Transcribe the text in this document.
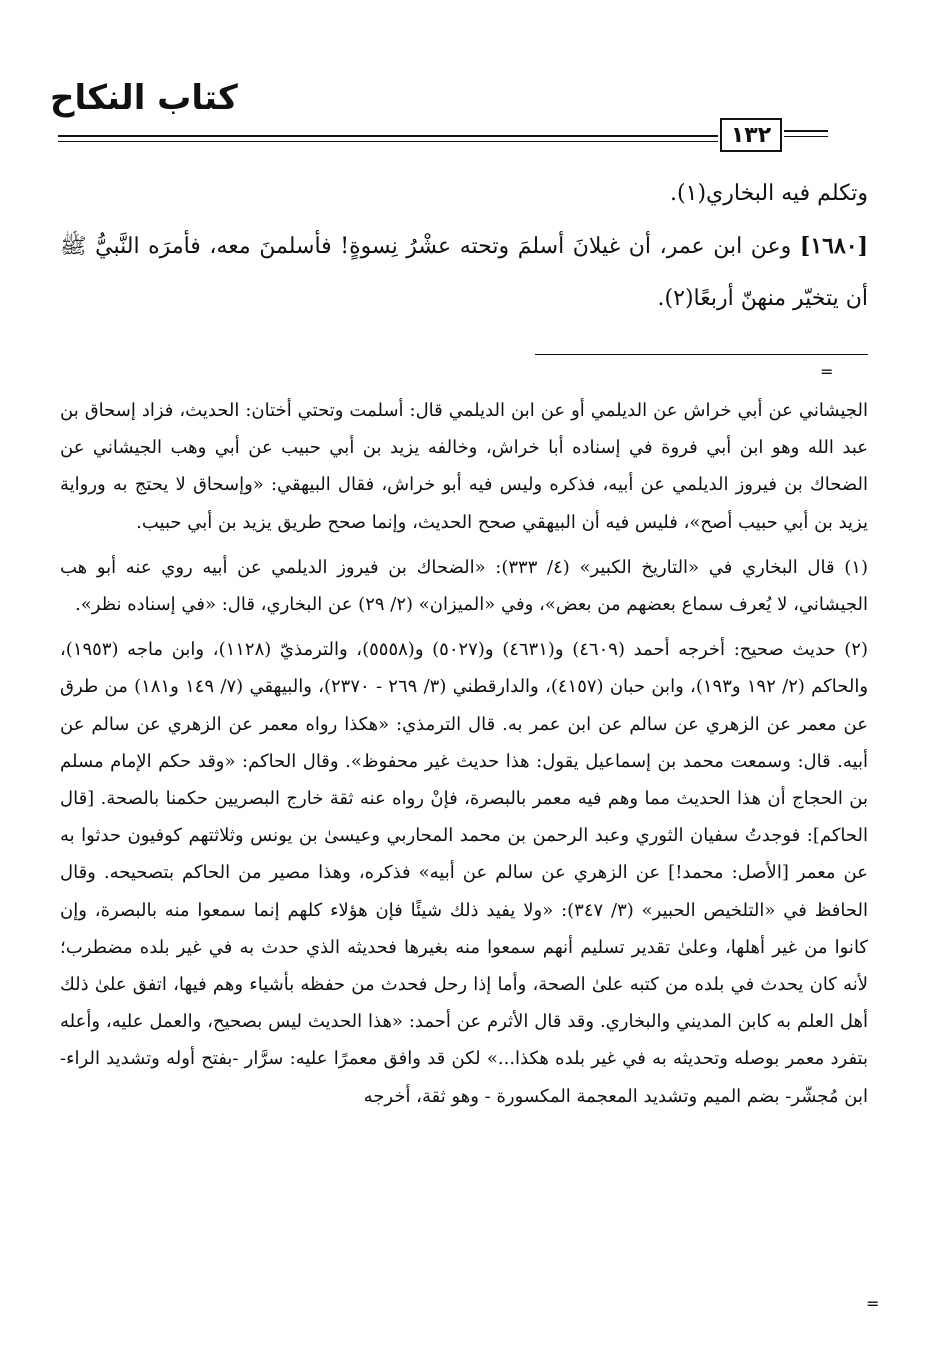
كتاب النكاح
١٣٢

وتكلم فيه البخاري(١).

[١٦٨٠] وعن ابن عمر، أن غيلانَ أسلمَ وتحته عشْرُ نِسوةٍ! فأسلمنَ معه، فأمرَه النَّبيُّ ﷺ أن يتخيّر منهنّ أربعًا(٢).

=

الجيشاني عن أبي خراش عن الديلمي أو عن ابن الديلمي قال: أسلمت وتحتي أختان: الحديث، فزاد إسحاق بن عبد الله وهو ابن أبي فروة في إسناده أبا خراش، وخالفه يزيد بن أبي حبيب عن أبي وهب الجيشاني عن الضحاك بن فيروز الديلمي عن أبيه، فذكره وليس فيه أبو خراش، فقال البيهقي: «وإسحاق لا يحتج به ورواية يزيد بن أبي حبيب أصح»، فليس فيه أن البيهقي صحح الحديث، وإنما صحح طريق يزيد بن أبي حبيب.

(١) قال البخاري في «التاريخ الكبير» (٤/ ٣٣٣): «الضحاك بن فيروز الديلمي عن أبيه روي عنه أبو هب الجيشاني، لا يُعرف سماع بعضهم من بعض»، وفي «الميزان» (٢/ ٢٩) عن البخاري، قال: «في إسناده نظر».

(٢) حديث صحيح: أخرجه أحمد (٤٦٠٩) و(٤٦٣١) و(٥٠٢٧) و(٥٥٥٨)، والترمذيّ (١١٢٨)، وابن ماجه (١٩٥٣)، والحاكم (٢/ ١٩٢ و١٩٣)، وابن حبان (٤١٥٧)، والدارقطني (٣/ ٢٦٩ - ٢٣٧٠)، والبيهقي (٧/ ١٤٩ و١٨١) من طرق عن معمر عن الزهري عن سالم عن ابن عمر به. قال الترمذي: «هكذا رواه معمر عن الزهري عن سالم عن أبيه. قال: وسمعت محمد بن إسماعيل يقول: هذا حديث غير محفوظ». وقال الحاكم: «وقد حكم الإمام مسلم بن الحجاج أن هذا الحديث مما وهم فيه معمر بالبصرة، فإنْ رواه عنه ثقة خارج البصريين حكمنا بالصحة. [قال الحاكم]: فوجدتُ سفيان الثوري وعبد الرحمن بن محمد المحاربي وعيسىٰ بن يونس وثلاثتهم كوفيون حدثوا به عن معمر [الأصل: محمد!] عن الزهري عن سالم عن أبيه» فذكره، وهذا مصير من الحاكم بتصحيحه. وقال الحافظ في «التلخيص الحبير» (٣/ ٣٤٧): «ولا يفيد ذلك شيئًا فإن هؤلاء كلهم إنما سمعوا منه بالبصرة، وإن كانوا من غير أهلها، وعلىٰ تقدير تسليم أنهم سمعوا منه بغيرها فحديثه الذي حدث به في غير بلده مضطرب؛ لأنه كان يحدث في بلده من كتبه علىٰ الصحة، وأما إذا رحل فحدث من حفظه بأشياء وهم فيها، اتفق علىٰ ذلك أهل العلم به كابن المديني والبخاري. وقد قال الأثرم عن أحمد: «هذا الحديث ليس بصحيح، والعمل عليه، وأعله بتفرد معمر بوصله وتحديثه به في غير بلده هكذا...» لكن قد وافق معمرًا عليه: سرَّار -بفتح أوله وتشديد الراء- ابن مُجشّر- بضم الميم وتشديد المعجمة المكسورة - وهو ثقة، أخرجه

=
